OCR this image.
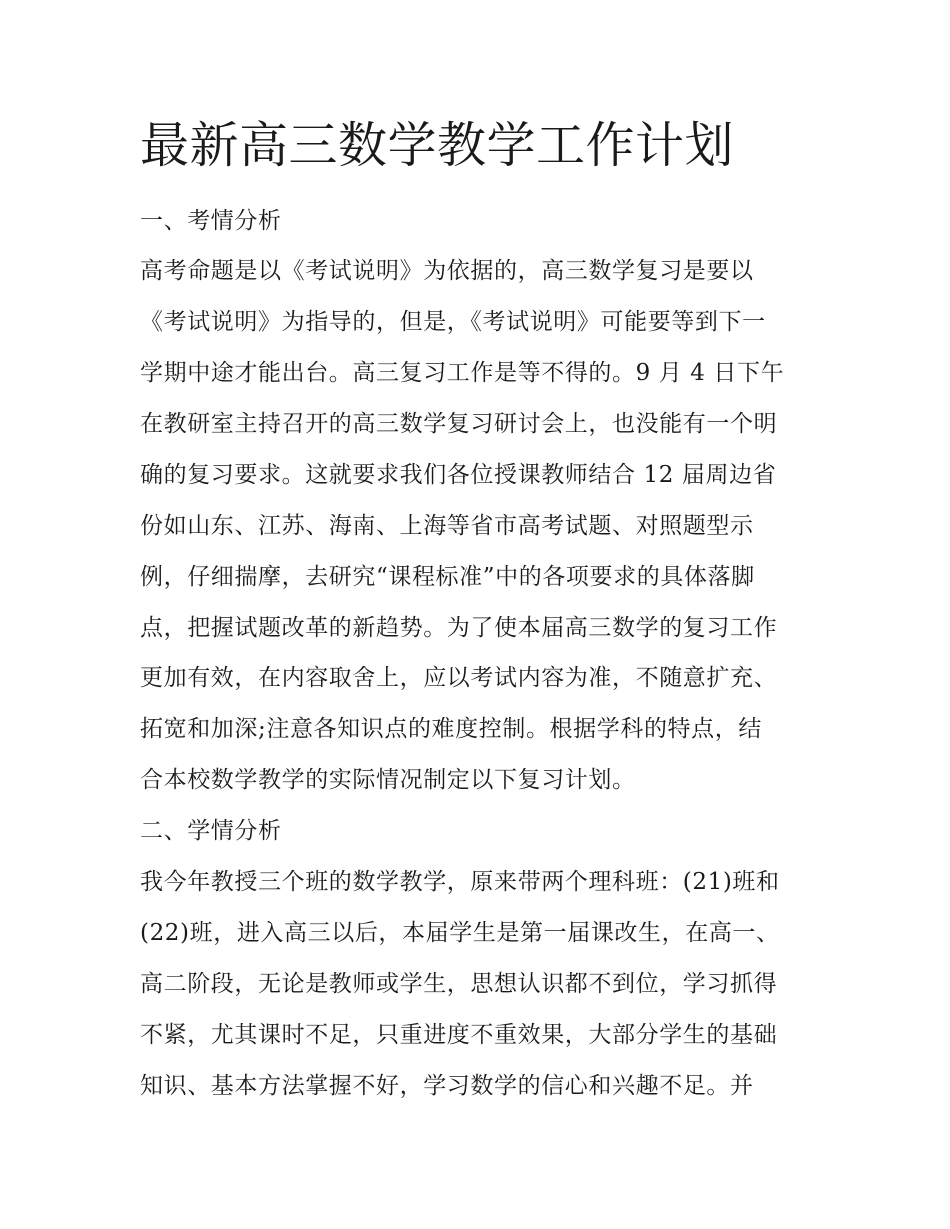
最新高三数学教学工作计划

一、考情分析

高考命题是以《考试说明》为依据的，高三数学复习是要以

《考试说明》为指导的，但是，《考试说明》可能要等到下一

学期中途才能出台。高三复习工作是等不得的。9 月 4 日下午

在教研室主持召开的高三数学复习研讨会上，也没能有一个明

确的复习要求。这就要求我们各位授课教师结合 12 届周边省

份如山东、江苏、海南、上海等省市高考试题、对照题型示

例，仔细揣摩，去研究“课程标准”中的各项要求的具体落脚

点，把握试题改革的新趋势。为了使本届高三数学的复习工作

更加有效，在内容取舍上，应以考试内容为准，不随意扩充、

拓宽和加深;注意各知识点的难度控制。根据学科的特点，结

合本校数学教学的实际情况制定以下复习计划。

二、学情分析

我今年教授三个班的数学教学，原来带两个理科班：(21)班和

(22)班，进入高三以后，本届学生是第一届课改生，在高一、

高二阶段，无论是教师或学生，思想认识都不到位，学习抓得

不紧，尤其课时不足，只重进度不重效果，大部分学生的基础

知识、基本方法掌握不好，学习数学的信心和兴趣不足。并
